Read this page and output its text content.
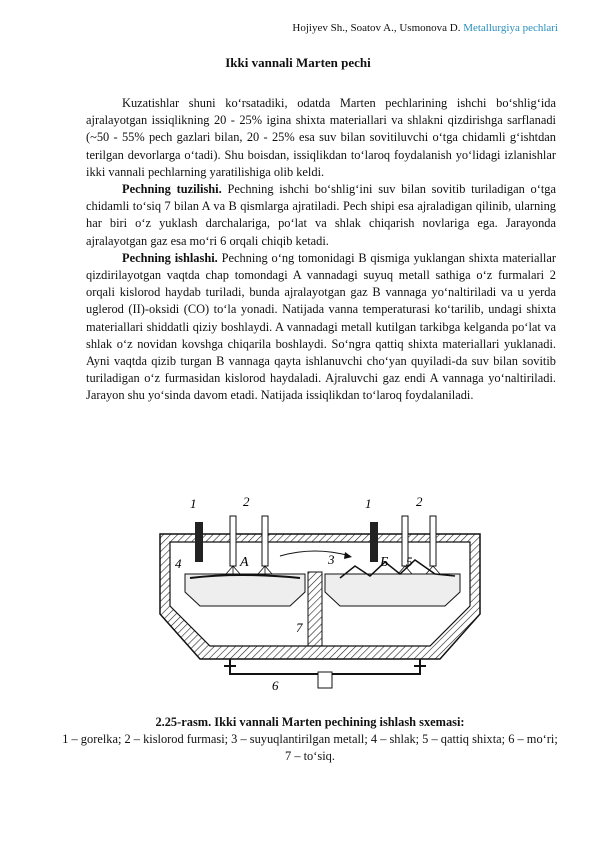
Hojiyev Sh., Soatov A., Usmonova D. Metallurgiya pechlari
Ikki vannali Marten pechi

Kuzatishlar shuni ko‘rsatadiki, odatda Marten pechlarining ishchi bo‘shlig‘ida ajralayotgan issiqlikning 20 - 25% igina shixta materiallari va shlakni qizdirishga sarflanadi (~50 - 55% pech gazlari bilan, 20 - 25% esa suv bilan sovitiluvchi o‘tga chidamli g‘ishtdan terilgan devorlarga o‘tadi). Shu boisdan, issiqlikdan to‘laroq foydalanish yo‘lidagi izlanishlar ikki vannali pechlarning yaratilishiga olib keldi.

Pechning tuzilishi. Pechning ishchi bo‘shlig‘ini suv bilan sovitib turiladigan o‘tga chidamli to‘siq 7 bilan A va B qismlarga ajratiladi. Pech shipi esa ajraladigan qilinib, ularning har biri o‘z yuklash darchalariga, po‘lat va shlak chiqarish novlariga ega. Jarayonda ajralayotgan gaz esa mo‘ri 6 orqali chiqib ketadi.

Pechning ishlashi. Pechning o‘ng tomonidagi B qismiga yuklangan shixta materiallar qizdirilayotgan vaqtda chap tomondagi A vannadagi suyuq metall sathiga o‘z furmalari 2 orqali kislorod haydab turiladi, bunda ajralayotgan gaz B vannaga yo‘naltiriladi va u yerda uglerod (II)-oksidi (CO) to‘la yonadi. Natijada vanna temperaturasi ko‘tarilib, undagi shixta materiallari shiddatli qiziy boshlaydi. A vannadagi metall kutilgan tarkibga kelganda po‘lat va shlak o‘z novidan kovshga chiqarila boshlaydi. So‘ngra qattiq shixta materiallari yuklanadi. Ayni vaqtda qizib turgan B vannaga qayta ishlanuvchi cho‘yan quyiladi-da suv bilan sovitib turiladigan o‘z furmasidan kislorod haydaladi. Ajraluvchi gaz endi A vannaga yo‘naltiriladi. Jarayon shu yo‘sinda davom etadi. Natijada issiqlikdan to‘laroq foydalaniladi.

1	2
4	A
1	2
3	Б 5
7
6
2.25-rasm. Ikki vannali Marten pechining ishlash sxemasi:
1 – gorelka; 2 – kislorod furmasi; 3 – suyuqlantirilgan metall; 4 – shlak; 5 – qattiq shixta; 6 – mo‘ri; 7 – to‘siq.
